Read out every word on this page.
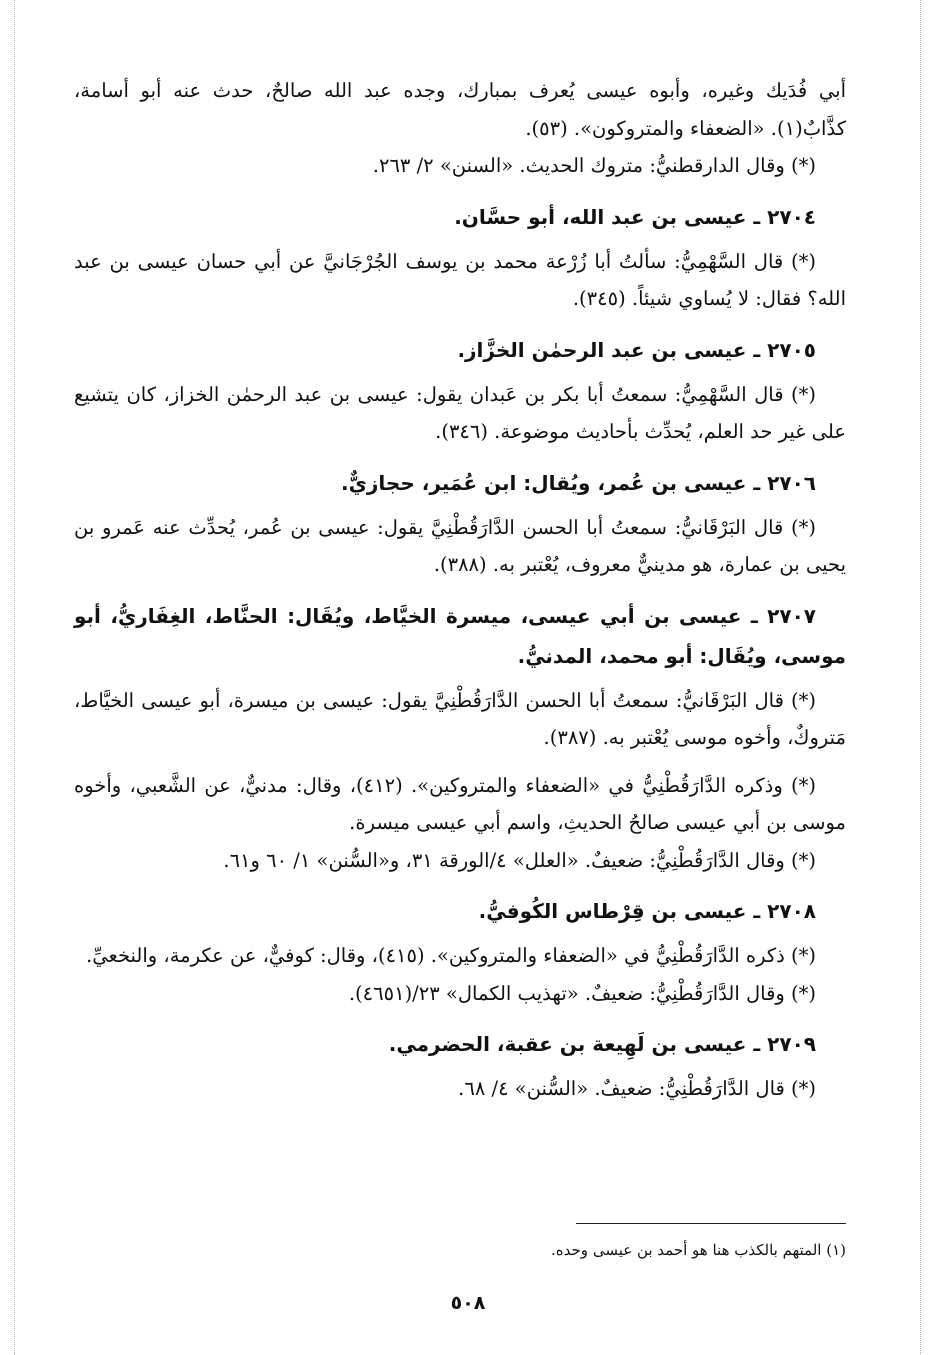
أبي فُدَيك وغيره، وأبوه عيسى يُعرف بمبارك، وجده عبد الله صالحٌ، حدث عنه أبو أسامة، كذَّابٌ(١). «الضعفاء والمتروكون». (٥٣).

(*) وقال الدارقطنيُّ: متروك الحديث. «السنن» ٢/ ٢٦٣.

٢٧٠٤ ـ عيسى بن عبد الله، أبو حسَّان.

(*) قال السَّهْمِيُّ: سألتُ أبا زُرْعة محمد بن يوسف الجُرْجَانيَّ عن أبي حسان عيسى بن عبد الله؟ فقال: لا يُساوي شيئاً. (٣٤٥).

٢٧٠٥ ـ عيسى بن عبد الرحمٰن الخزَّاز.

(*) قال السَّهْمِيُّ: سمعتُ أبا بكر بن عَبدان يقول: عيسى بن عبد الرحمٰن الخزاز، كان يتشيع على غير حد العلم، يُحدِّث بأحاديث موضوعة. (٣٤٦).

٢٧٠٦ ـ عيسى بن عُمر، ويُقال: ابن عُمَير، حجازيٌّ.

(*) قال البَرْقَانيُّ: سمعتُ أبا الحسن الدَّارَقُطْنِيَّ يقول: عيسى بن عُمر، يُحدِّث عنه عَمرو بن يحيى بن عمارة، هو مدينيٌّ معروف، يُعْتبر به. (٣٨٨).

٢٧٠٧ ـ عيسى بن أبي عيسى، ميسرة الخيَّاط، ويُقَال: الحنَّاط، الغِفَاريُّ، أبو موسى، ويُقَال: أبو محمد، المدنيُّ.

(*) قال البَرْقَانيُّ: سمعتُ أبا الحسن الدَّارَقُطْنِيَّ يقول: عيسى بن ميسرة، أبو عيسى الخيَّاط، مَتروكٌ، وأخوه موسى يُعْتبر به. (٣٨٧).

(*) وذكره الدَّارَقُطْنِيُّ في «الضعفاء والمتروكين». (٤١٢)، وقال: مدنيٌّ، عن الشَّعبي، وأخوه موسى بن أبي عيسى صالحُ الحديثِ، واسم أبي عيسى ميسرة.

(*) وقال الدَّارَقُطْنِيُّ: ضعيفٌ. «العلل» ٤/الورقة ٣١، و«السُّنن» ١/ ٦٠ و٦١.

٢٧٠٨ ـ عيسى بن قِرْطاس الكُوفيُّ.

(*) ذكره الدَّارَقُطْنِيُّ في «الضعفاء والمتروكين». (٤١٥)، وقال: كوفيٌّ، عن عكرمة، والنخعيِّ.

(*) وقال الدَّارَقُطْنِيُّ: ضعيفٌ. «تهذيب الكمال» ٢٣/(٤٦٥١).

٢٧٠٩ ـ عيسى بن لَهِيعة بن عقبة، الحضرمي.

(*) قال الدَّارَقُطْنِيُّ: ضعيفٌ. «السُّنن» ٤/ ٦٨.

(١) المتهم بالكذب هنا هو أحمد بن عيسى وحده.
٥٠٨
